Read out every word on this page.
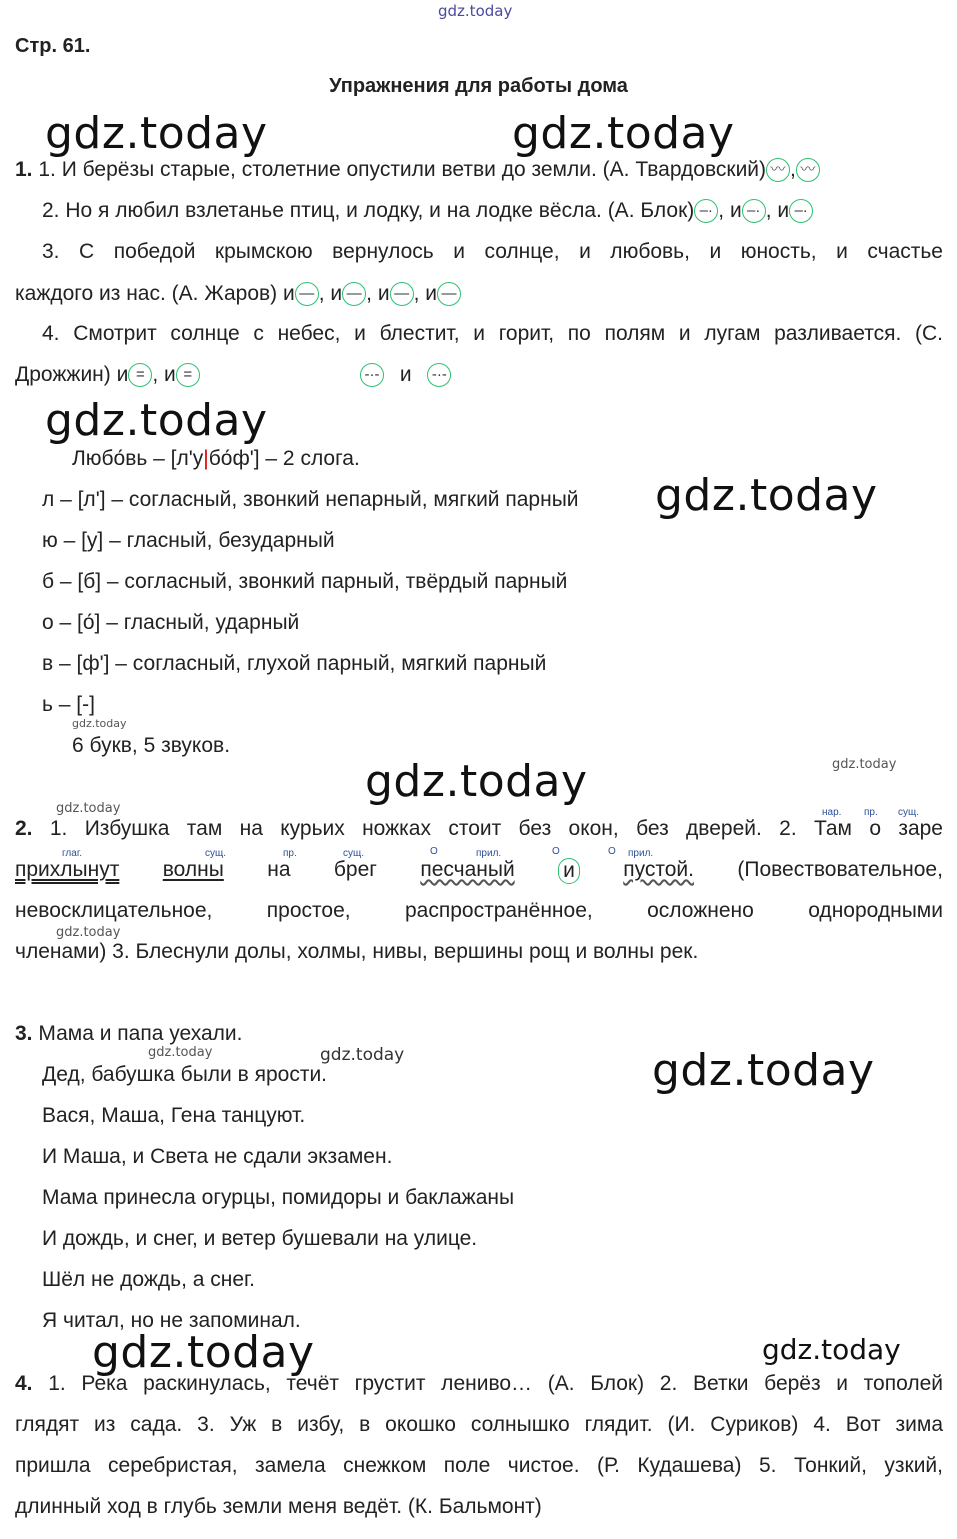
gdz.today
gdz.today	gdz.today
gdz.today
gdz.today
gdz.today
gdz.today	gdz.today
gdz.today
gdz.today
gdz.today	gdz.today	gdz.today
gdz.today	gdz.today
Стр. 61.
Упражнения для работы дома
1. 1. И берёзы старые, столетние опустили ветви до земли. (А. Твардовский) 〰 , 〰
2. Но я любил взлетанье птиц, и лодку, и на лодке вёсла. (А. Блок) –· , и –· , и –·
3. С победой крымскою вернулось и солнце, и любовь, и юность, и счастье
каждого из нас. (А. Жаров) и — , и — , и — , и —
4. Смотрит солнце с небес, и блестит, и горит, по полям и лугам разливается. (С.
Дрожжин) и = , и =	-·- и -·-
Любо́вь – [л'у|бо́ф'] – 2 слога.
л – [л'] – согласный, звонкий непарный, мягкий парный
ю – [у] – гласный, безударный
б – [б] – согласный, звонкий парный, твёрдый парный
о – [о́] – гласный, ударный
в – [ф'] – согласный, глухой парный, мягкий парный
ь – [-]
6 букв, 5 звуков.
нар. пр. сущ.
2. 1. Избушка там на курьих ножках стоит без окон, без дверей. 2. Там о заре
глаг.	сущ.	пр.	сущ.	О	прил.	О	О прил.
прихлынут волны на брег песчаный и пустой. (Повествовательное,
невосклицательное,	простое,	распространённое,	осложнено	однородными
членами) 3. Блеснули долы, холмы, нивы, вершины рощ и волны рек.
3. Мама и папа уехали.
Дед, бабушка были в ярости.
Вася, Маша, Гена танцуют.
И Маша, и Света не сдали экзамен.
Мама принесла огурцы, помидоры и баклажаны
И дождь, и снег, и ветер бушевали на улице.
Шёл не дождь, а снег.
Я читал, но не запоминал.
4. 1. Река раскинулась, течёт грустит лениво… (А. Блок) 2. Ветки берёз и тополей
глядят из сада. 3. Уж в избу, в окошко солнышко глядит. (И. Суриков) 4. Вот зима
пришла серебристая, замела снежком поле чистое. (Р. Кудашева) 5. Тонкий, узкий,
длинный ход в глубь земли меня ведёт. (К. Бальмонт)
